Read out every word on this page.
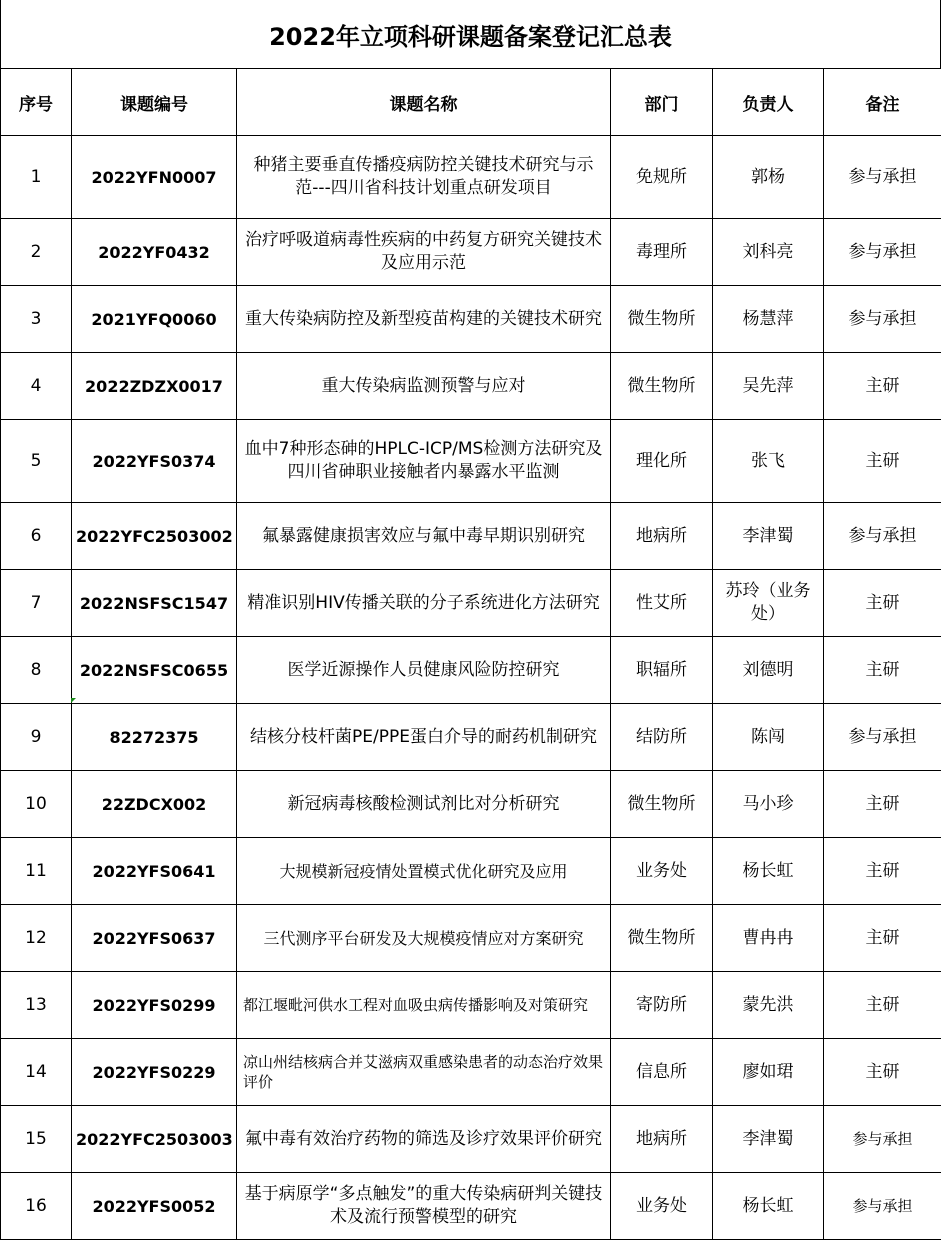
2022年立项科研课题备案登记汇总表
序号	课题编号	课题名称	部门	负责人	备注
1	2022YFN0007	种猪主要垂直传播疫病防控关键技术研究与示范---四川省科技计划重点研发项目	免规所	郭杨	参与承担
2	2022YF0432	治疗呼吸道病毒性疾病的中药复方研究关键技术及应用示范	毒理所	刘科亮	参与承担
3	2021YFQ0060	重大传染病防控及新型疫苗构建的关键技术研究	微生物所	杨慧萍	参与承担
4	2022ZDZX0017	重大传染病监测预警与应对	微生物所	吴先萍	主研
5	2022YFS0374	血中7种形态砷的HPLC-ICP/MS检测方法研究及四川省砷职业接触者内暴露水平监测	理化所	张飞	主研
6	2022YFC2503002	氟暴露健康损害效应与氟中毒早期识别研究	地病所	李津蜀	参与承担
7	2022NSFSC1547	精准识别HIV传播关联的分子系统进化方法研究	性艾所	苏玲（业务处）	主研
8	2022NSFSC0655	医学近源操作人员健康风险防控研究	职辐所	刘德明	主研
9	82272375	结核分枝杆菌PE/PPE蛋白介导的耐药机制研究	结防所	陈闯	参与承担
10	22ZDCX002	新冠病毒核酸检测试剂比对分析研究	微生物所	马小珍	主研
11	2022YFS0641	大规模新冠疫情处置模式优化研究及应用	业务处	杨长虹	主研
12	2022YFS0637	三代测序平台研发及大规模疫情应对方案研究	微生物所	曹冉冉	主研
13	2022YFS0299	都江堰毗河供水工程对血吸虫病传播影响及对策研究	寄防所	蒙先洪	主研
14	2022YFS0229	凉山州结核病合并艾滋病双重感染患者的动态治疗效果评价	信息所	廖如珺	主研
15	2022YFC2503003	氟中毒有效治疗药物的筛选及诊疗效果评价研究	地病所	李津蜀	参与承担
16	2022YFS0052	基于病原学“多点触发”的重大传染病研判关键技 术及流行预警模型的研究	业务处	杨长虹	参与承担
